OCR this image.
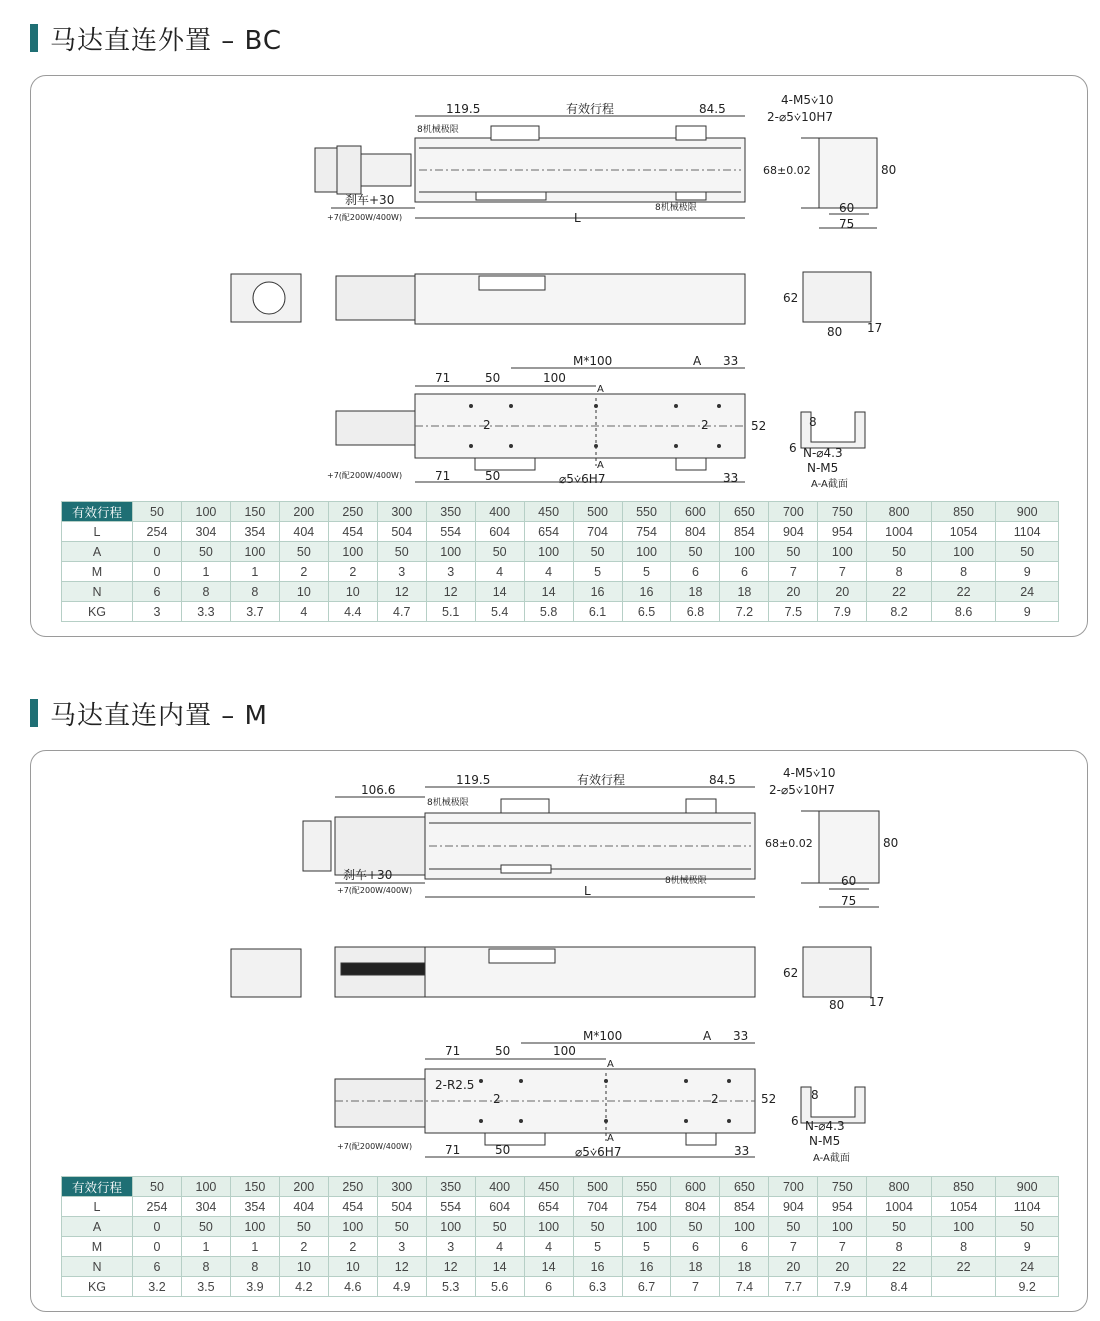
马达直连外置 – BC
119.5	有效行程	84.5
8机械极限
8机械极限
刹车+30
+7(配200W/400W)	L
4-M5⩒10
2-⌀5⩒10H7
68±0.02	80
60
75
62
80 17
M*100	A 33
71	50	100
A
A
2	2	52
+7(配200W/400W)	71	50	⌀5⩒6H7	33
8
6 N-⌀4.3
N-M5
A-A截面
有效行程	50	100	150	200	250	300	350	400	450	500	550	600	650	700	750	800	850	900
L	254	304	354	404	454	504	554	604	654	704	754	804	854	904	954	1004	1054	1104
A	0	50	100	50	100	50	100	50	100	50	100	50	100	50	100	50	100	50
M	0	1	1	2	2	3	3	4	4	5	5	6	6	7	7	8	8	9
N	6	8	8	10	10	12	12	14	14	16	16	18	18	20	20	22	22	24
KG	3	3.3	3.7	4	4.4	4.7	5.1	5.4	5.8	6.1	6.5	6.8	7.2	7.5	7.9	8.2	8.6	9
马达直连内置 – M
106.6
119.5	有效行程	84.5
8机械极限
8机械极限
刹车+30
+7(配200W/400W)	L
4-M5⩒10
2-⌀5⩒10H7
68±0.02	80
60
75
62
80 17
M*100	A 33
71	50	100
A
A
2-R2.5
2	2	52
+7(配200W/400W)	71	50	⌀5⩒6H7	33
8
6 N-⌀4.3
N-M5
A-A截面
有效行程	50	100	150	200	250	300	350	400	450	500	550	600	650	700	750	800	850	900
L	254	304	354	404	454	504	554	604	654	704	754	804	854	904	954	1004	1054	1104
A	0	50	100	50	100	50	100	50	100	50	100	50	100	50	100	50	100	50
M	0	1	1	2	2	3	3	4	4	5	5	6	6	7	7	8	8	9
N	6	8	8	10	10	12	12	14	14	16	16	18	18	20	20	22	22	24
KG	3.2	3.5	3.9	4.2	4.6	4.9	5.3	5.6	6	6.3	6.7	7	7.4	7.7	7.9	8.4		9.2
